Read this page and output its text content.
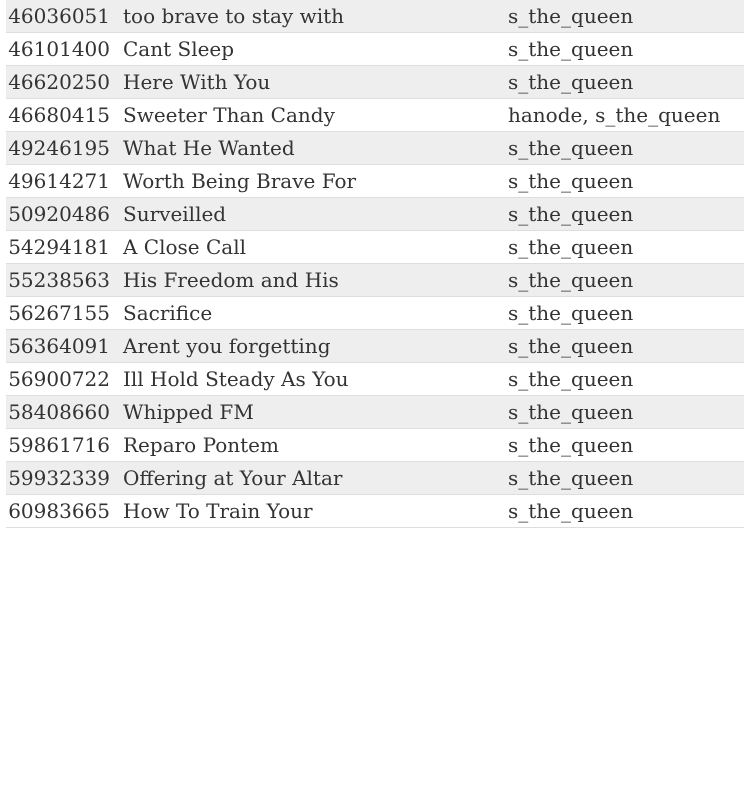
46036051	too brave to stay with	s_the_queen
46101400	Cant Sleep	s_the_queen
46620250	Here With You	s_the_queen
46680415	Sweeter Than Candy	hanode, s_the_queen
49246195	What He Wanted	s_the_queen
49614271	Worth Being Brave For	s_the_queen
50920486	Surveilled	s_the_queen
54294181	A Close Call	s_the_queen
55238563	His Freedom and His	s_the_queen
56267155	Sacrifice	s_the_queen
56364091	Arent you forgetting	s_the_queen
56900722	Ill Hold Steady As You	s_the_queen
58408660	Whipped FM	s_the_queen
59861716	Reparo Pontem	s_the_queen
59932339	Offering at Your Altar	s_the_queen
60983665	How To Train Your	s_the_queen
